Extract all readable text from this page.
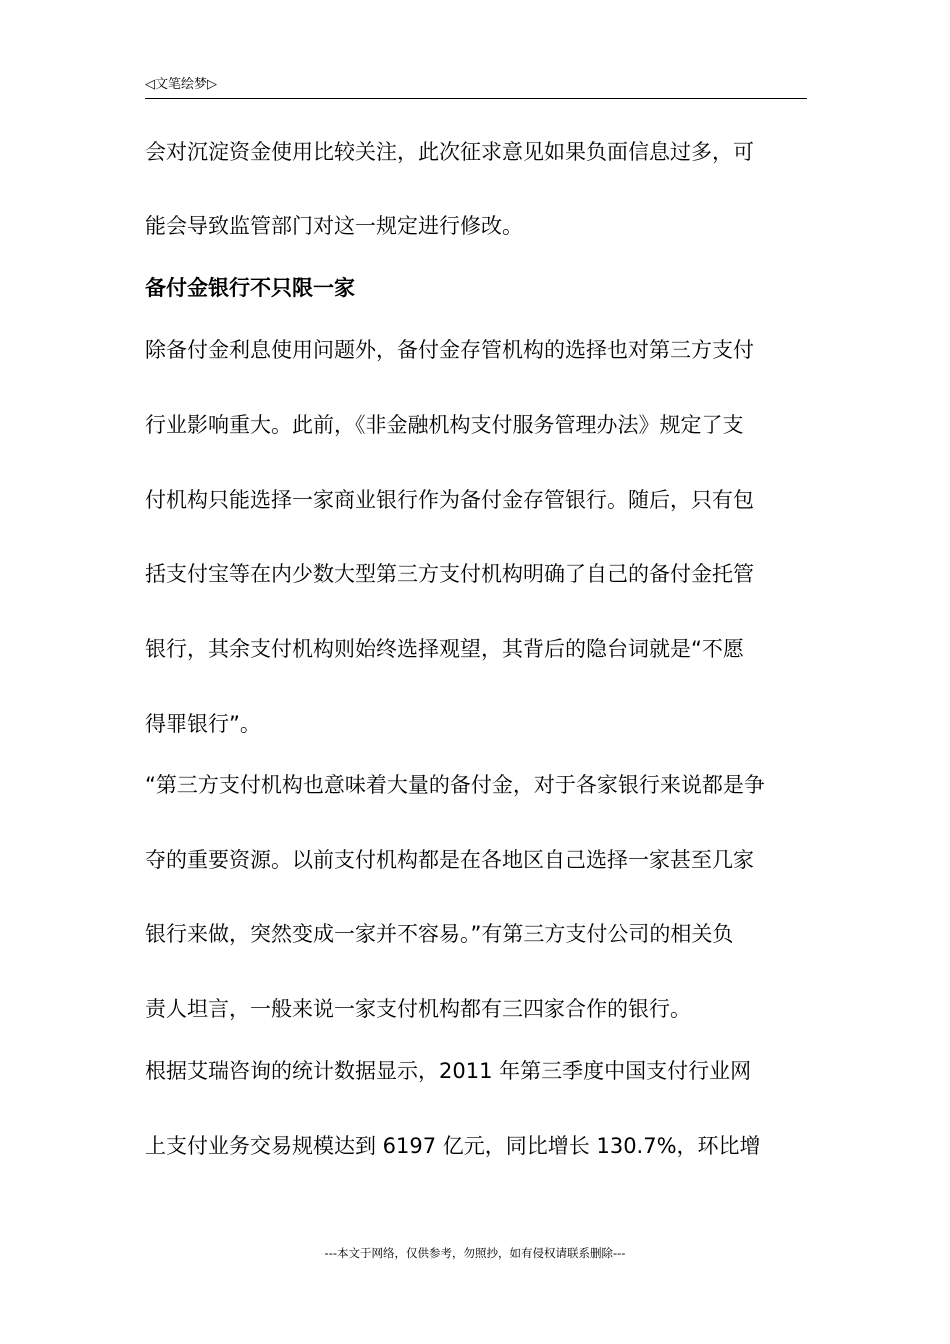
◁文笔绘梦▷
会对沉淀资金使用比较关注，此次征求意见如果负面信息过多，可
能会导致监管部门对这一规定进行修改。
备付金银行不只限一家
除备付金利息使用问题外，备付金存管机构的选择也对第三方支付
行业影响重大。此前，《非金融机构支付服务管理办法》规定了支
付机构只能选择一家商业银行作为备付金存管银行。随后，只有包
括支付宝等在内少数大型第三方支付机构明确了自己的备付金托管
银行，其余支付机构则始终选择观望，其背后的隐台词就是“不愿
得罪银行”。
“第三方支付机构也意味着大量的备付金，对于各家银行来说都是争
夺的重要资源。以前支付机构都是在各地区自己选择一家甚至几家
银行来做，突然变成一家并不容易。”有第三方支付公司的相关负
责人坦言，一般来说一家支付机构都有三四家合作的银行。
根据艾瑞咨询的统计数据显示，2011 年第三季度中国支付行业网
上支付业务交易规模达到 6197 亿元，同比增长 130.7%，环比增
---本文于网络，仅供参考，勿照抄，如有侵权请联系删除---
